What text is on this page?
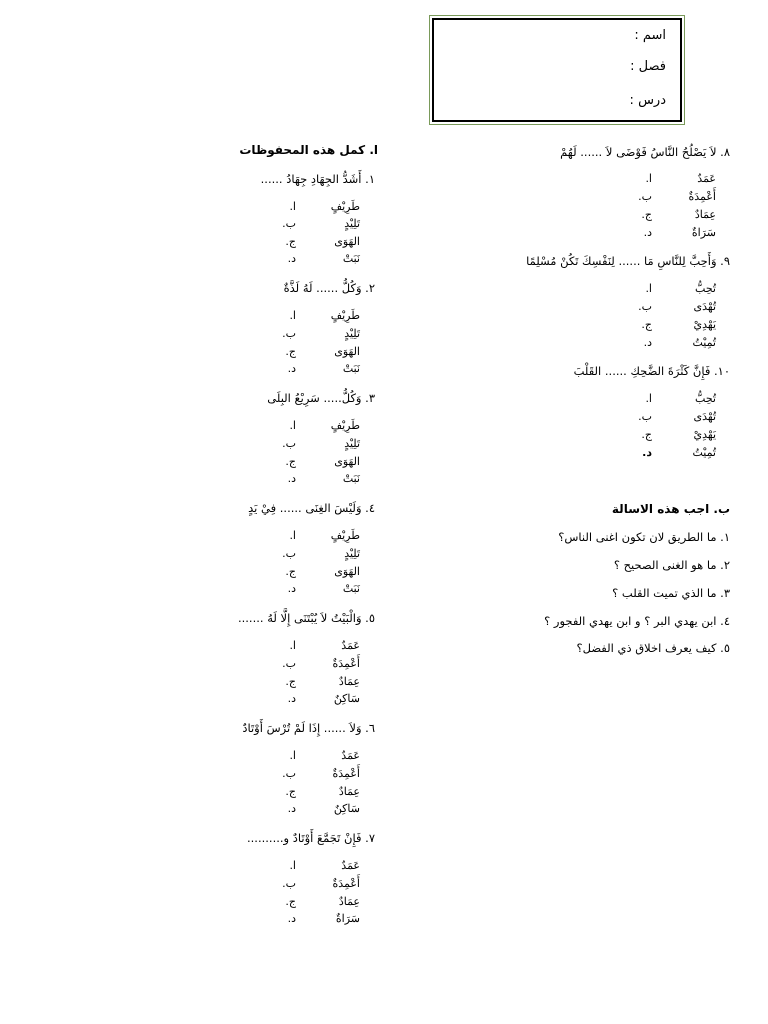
اسم :
فصل :
درس :
ا. كمل هذه المحفوظات
١. أَشَدُّ الجِهَادِ جِهَادُ ......
طَرِيْفٍا.
تَلِيْدٍب.
الهَوَىج.
نَبَتْد.
٢. وَكُلُّ ...... لَهُ لَذَّةٌ
طَرِيْفٍا.
تَلِيْدٍب.
الهَوَىج.
نَبَتْد.
٣. وَكُلُّ..... سَرِيْعُ البِلَى
طَرِيْفٍا.
تَلِيْدٍب.
الهَوَىج.
نَبَتْد.
٤. وَلَيْسَ الغِنَى ...... فِيْ يَدٍ
طَرِيْفٍا.
تَلِيْدٍب.
الهَوَىج.
نَبَتْد.
٥. وَالْبَيْتُ لاَ يُبْتَنَى إِلَّا لَهُ .......
عَمَدٌا.
أَعْمِدَةٌب.
عِمَادٌج.
سَاكِنٌد.
٦. وَلاَ ...... إِذَا لَمْ تُرْسَ أَوْتَادٌ
عَمَدٌا.
أَعْمِدَةٌب.
عِمَادٌج.
سَاكِنٌد.
٧. فَإِنْ تَجَمَّعَ أَوْتَادٌ و..........
عَمَدٌا.
أَعْمِدَةٌب.
عِمَادٌج.
سَرَاةٌد.
٨. لاَ يَصْلُحُ النَّاسُ فَوْضَى لاَ ...... لَهُمْ
عَمَدٌا.
أَعْمِدَةٌب.
عِمَادٌج.
سَرَاةٌد.
٩. وَأَحِبَّ لِلنَّاسِ مَا ...... لِنَفْسِكَ تَكُنْ مُسْلِمًا
تُحِبُّا.
تُهْدَىب.
يَهْدِيْج.
تُمِيْتُد.
١٠. فَإِنَّ كَثْرَةَ الضَّحِكِ ...... القَلْبَ
تُحِبُّا.
تُهْدَىب.
يَهْدِيْج.
تُمِيْتُد.
ب. اجب هذه الاسالة
١. ما الطريق لان تكون اغنى الناس؟
٢. ما هو الغنى الصحيح ؟
٣. ما الذي تميت القلب ؟
٤. ابن يهدي البر ؟ و ابن يهدي الفجور ؟
٥. كيف يعرف اخلاق ذي الفضل؟
